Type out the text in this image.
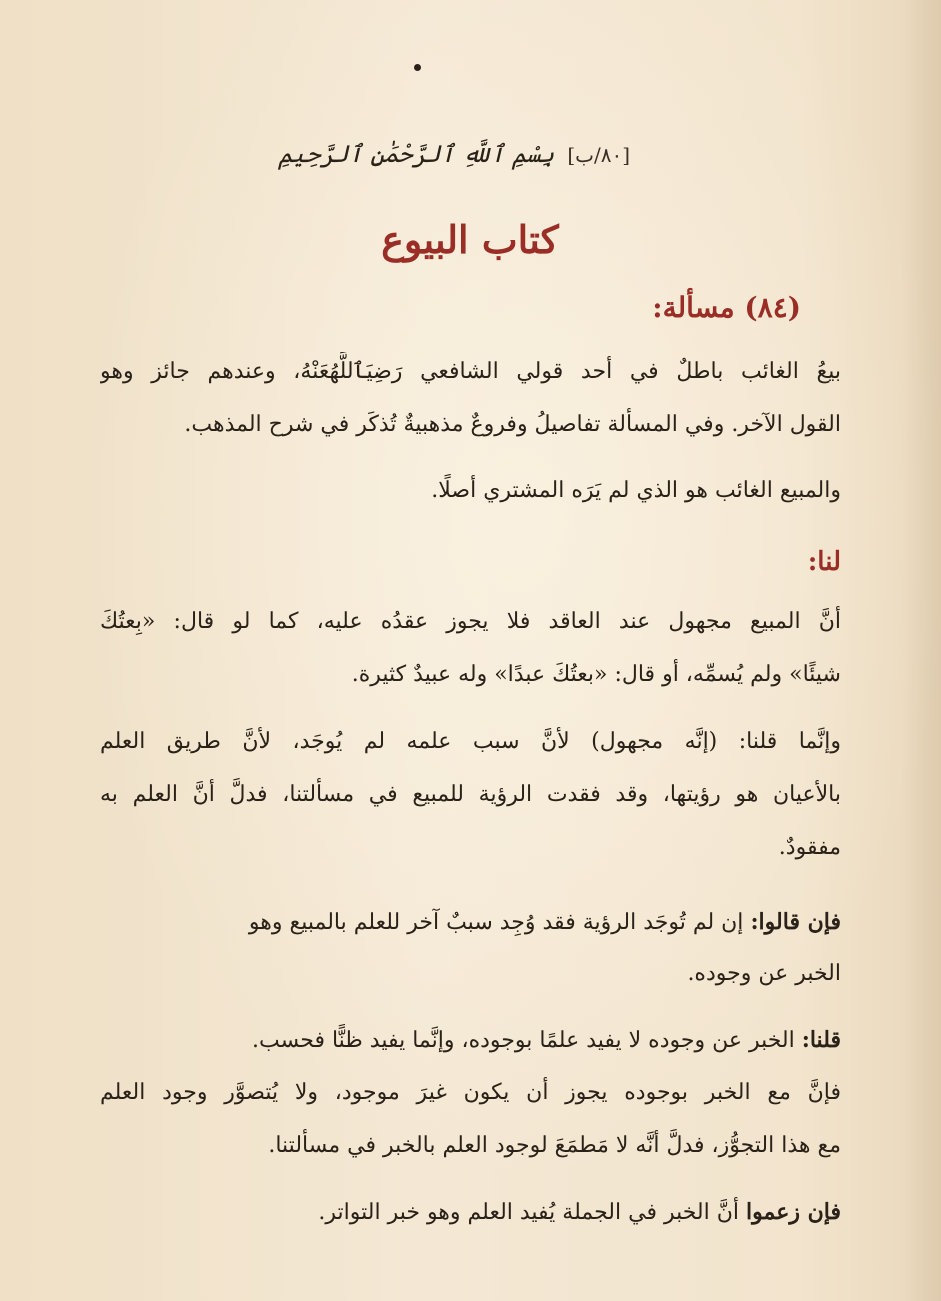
[٨٠/ب] بِسْمِ ٱللَّهِ ٱلرَّحْمَٰنِ ٱلرَّحِيمِ
كتاب البيوع
(٨٤) مسألة:
بيعُ الغائب باطلٌ في أحد قولي الشافعي رَضِيَٱللَّهُعَنْهُ، وعندهم جائز وهو
القول الآخر. وفي المسألة تفاصيلُ وفروعٌ مذهبيةٌ تُذكَر في شرح المذهب.
والمبيع الغائب هو الذي لم يَرَه المشتري أصلًا.
لنا:
أنَّ المبيع مجهول عند العاقد فلا يجوز عقدُه عليه، كما لو قال: «بِعتُكَ
شيئًا» ولم يُسمِّه، أو قال: «بعتُكَ عبدًا» وله عبيدٌ كثيرة.
وإنَّما قلنا: (إنَّه مجهول) لأنَّ سبب علمه لم يُوجَد، لأنَّ طريق العلم
بالأعيان هو رؤيتها، وقد فقدت الرؤية للمبيع في مسألتنا، فدلَّ أنَّ العلم به
مفقودٌ.
فإن قالوا: إن لم تُوجَد الرؤية فقد وُجِد سببٌ آخر للعلم بالمبيع وهو
الخبر عن وجوده.
قلنا: الخبر عن وجوده لا يفيد علمًا بوجوده، وإنَّما يفيد ظنًّا فحسب.
فإنَّ مع الخبر بوجوده يجوز أن يكون غيرَ موجود، ولا يُتصوَّر وجود العلم
مع هذا التجوُّز، فدلَّ أنَّه لا مَطمَعَ لوجود العلم بالخبر في مسألتنا.
فإن زعموا أنَّ الخبر في الجملة يُفيد العلم وهو خبر التواتر.
